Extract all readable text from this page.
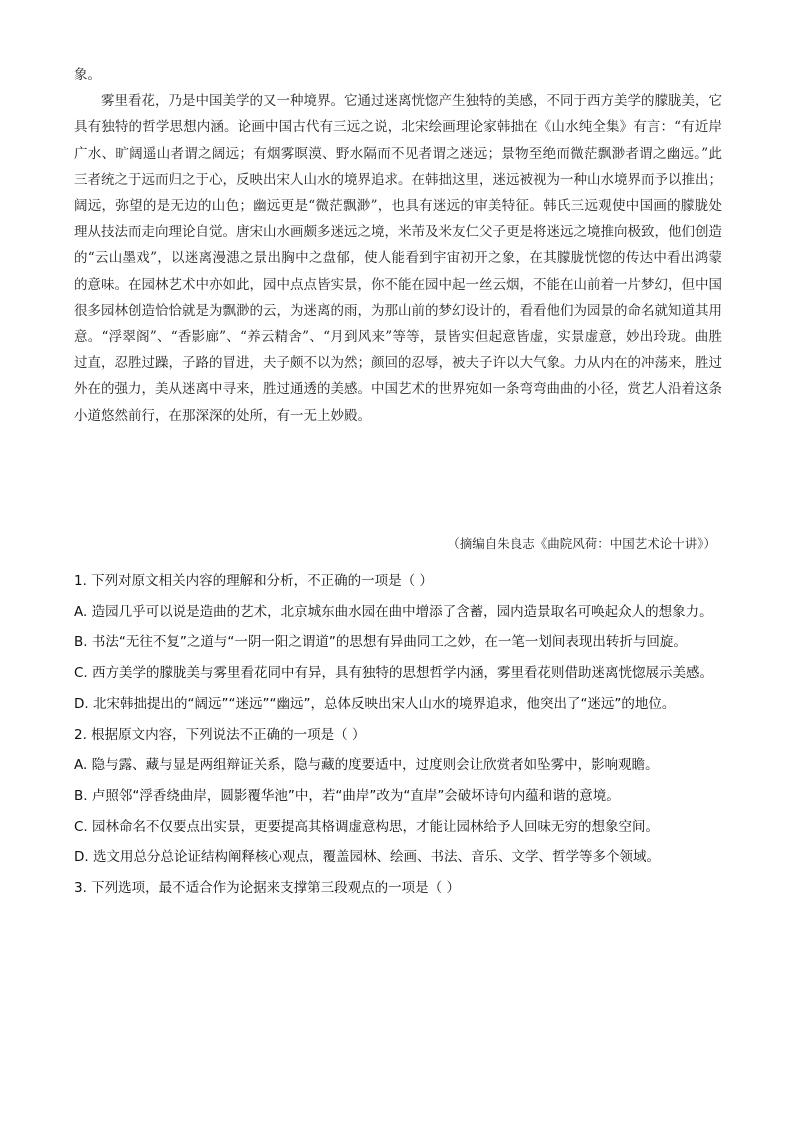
象。

雾里看花，乃是中国美学的又一种境界。它通过迷离恍惚产生独特的美感，不同于西方美学的朦胧美，它具有独特的哲学思想内涵。论画中国古代有三远之说，北宋绘画理论家韩拙在《山水纯全集》有言：“有近岸广水、旷阔遥山者谓之阔远；有烟雾暝漠、野水隔而不见者谓之迷远；景物至绝而微茫飘渺者谓之幽远。”此三者统之于远而归之于心，反映出宋人山水的境界追求。在韩拙这里，迷远被视为一种山水境界而予以推出；阔远，弥望的是无边的山色；幽远更是“微茫飘渺”，也具有迷远的审美特征。韩氏三远观使中国画的朦胧处理从技法而走向理论自觉。唐宋山水画颇多迷远之境，米芾及米友仁父子更是将迷远之境推向极致，他们创造的“云山墨戏”，以迷离漫漶之景出胸中之盘郁，使人能看到宇宙初开之象，在其朦胧恍惚的传达中看出鸿蒙的意味。在园林艺术中亦如此，园中点点皆实景，你不能在园中起一丝云烟，不能在山前着一片梦幻，但中国很多园林创造恰恰就是为飘渺的云，为迷离的雨，为那山前的梦幻设计的，看看他们为园景的命名就知道其用意。“浮翠阁”、“香影廊”、“养云精舍”、“月到风来”等等，景皆实但起意皆虚，实景虚意，妙出玲珑。曲胜过直，忍胜过躁，子路的冒进，夫子颇不以为然；颜回的忍辱，被夫子许以大气象。力从内在的冲荡来，胜过外在的强力，美从迷离中寻来，胜过通透的美感。中国艺术的世界宛如一条弯弯曲曲的小径，赏艺人沿着这条小道悠然前行，在那深深的处所，有一无上妙殿。

（摘编自朱良志《曲院风荷：中国艺术论十讲》）

1. 下列对原文相关内容的理解和分析，不正确的一项是（ ）

A. 造园几乎可以说是造曲的艺术，北京城东曲水园在曲中增添了含蓄，园内造景取名可唤起众人的想象力。

B. 书法“无往不复”之道与“一阴一阳之谓道”的思想有异曲同工之妙，在一笔一划间表现出转折与回旋。

C. 西方美学的朦胧美与雾里看花同中有异，具有独特的思想哲学内涵，雾里看花则借助迷离恍惚展示美感。

D. 北宋韩拙提出的“阔远”“迷远”“幽远”，总体反映出宋人山水的境界追求，他突出了“迷远”的地位。

2. 根据原文内容，下列说法不正确的一项是（ ）

A. 隐与露、藏与显是两组辩证关系，隐与藏的度要适中，过度则会让欣赏者如坠雾中，影响观瞻。

B. 卢照邻“浮香绕曲岸，圆影覆华池”中，若“曲岸”改为“直岸”会破坏诗句内蕴和谐的意境。

C. 园林命名不仅要点出实景，更要提高其格调虚意构思，才能让园林给予人回味无穷的想象空间。

D. 选文用总分总论证结构阐释核心观点，覆盖园林、绘画、书法、音乐、文学、哲学等多个领域。

3. 下列选项，最不适合作为论据来支撑第三段观点的一项是（ ）
